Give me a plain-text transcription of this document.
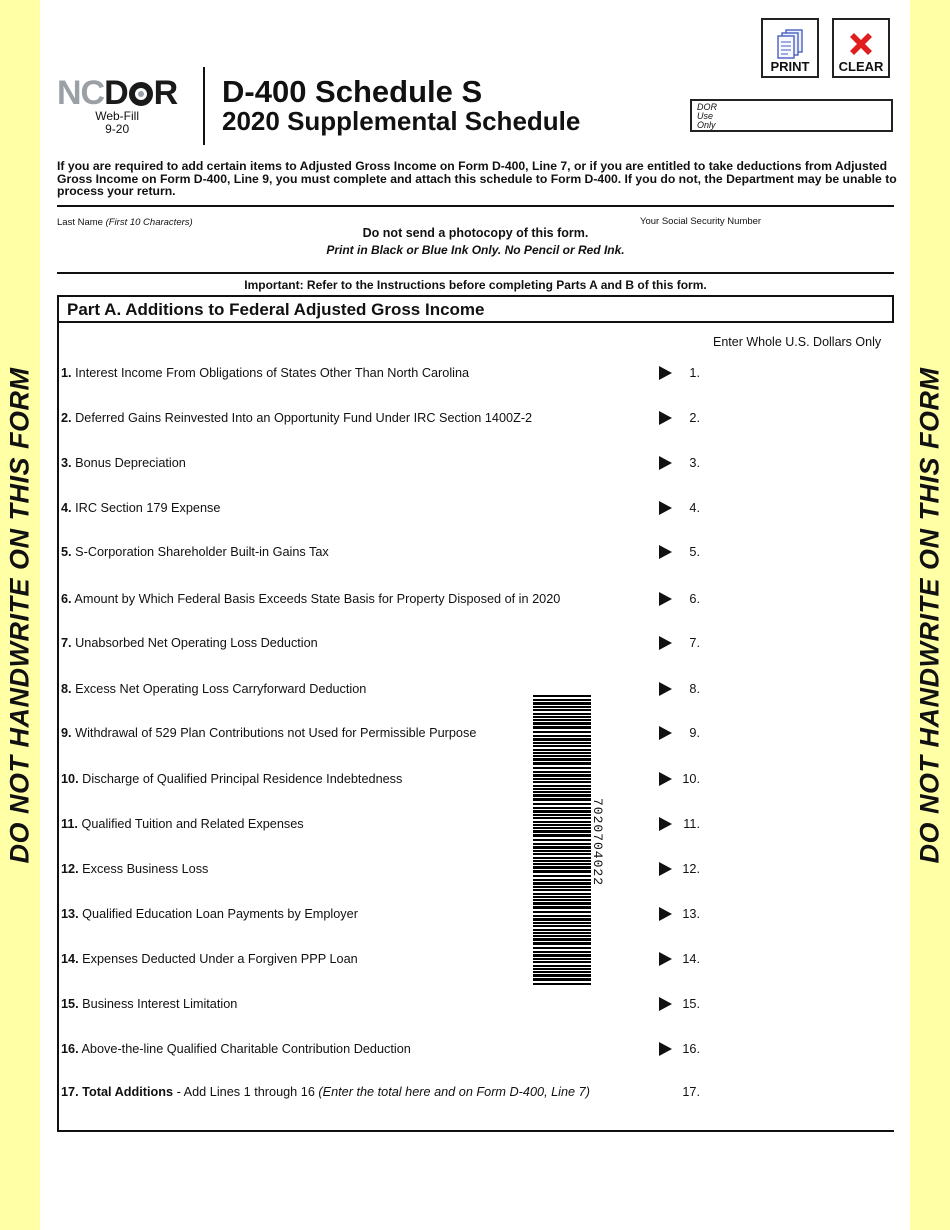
DO NOT HANDWRITE ON THIS FORM	DO NOT HANDWRITE ON THIS FORM
PRINT CLEAR
NCD R
Web-Fill
9-20
D-400 Schedule S
2020 Supplemental Schedule	DOR
Use
Only
If you are required to add certain items to Adjusted Gross Income on Form D-400, Line 7, or if you are entitled to take deductions from Adjusted Gross Income on Form D-400, Line 9, you must complete and attach this schedule to Form D-400. If you do not, the Department may be unable to process your return.
Last Name (First 10 Characters)	Your Social Security Number
Do not send a photocopy of this form.
Print in Black or Blue Ink Only. No Pencil or Red Ink.
Important: Refer to the Instructions before completing Parts A and B of this form.
Part A. Additions to Federal Adjusted Gross Income
Enter Whole U.S. Dollars Only
1. Interest Income From Obligations of States Other Than North Carolina	1.
2. Deferred Gains Reinvested Into an Opportunity Fund Under IRC Section 1400Z-2	2.
3. Bonus Depreciation	3.
4. IRC Section 179 Expense	4.
5. S-Corporation Shareholder Built-in Gains Tax	5.
6. Amount by Which Federal Basis Exceeds State Basis for Property Disposed of in 2020	6.
7. Unabsorbed Net Operating Loss Deduction	7.
8. Excess Net Operating Loss Carryforward Deduction	8.
9. Withdrawal of 529 Plan Contributions not Used for Permissible Purpose	9.
10. Discharge of Qualified Principal Residence Indebtedness	10.
11. Qualified Tuition and Related Expenses	11.
12. Excess Business Loss	12.
13. Qualified Education Loan Payments by Employer	13.
14. Expenses Deducted Under a Forgiven PPP Loan	14.
15. Business Interest Limitation	15.
16. Above-the-line Qualified Charitable Contribution Deduction	16.
17. Total Additions - Add Lines 1 through 16 (Enter the total here and on Form D-400, Line 7)	17.
7020704022
